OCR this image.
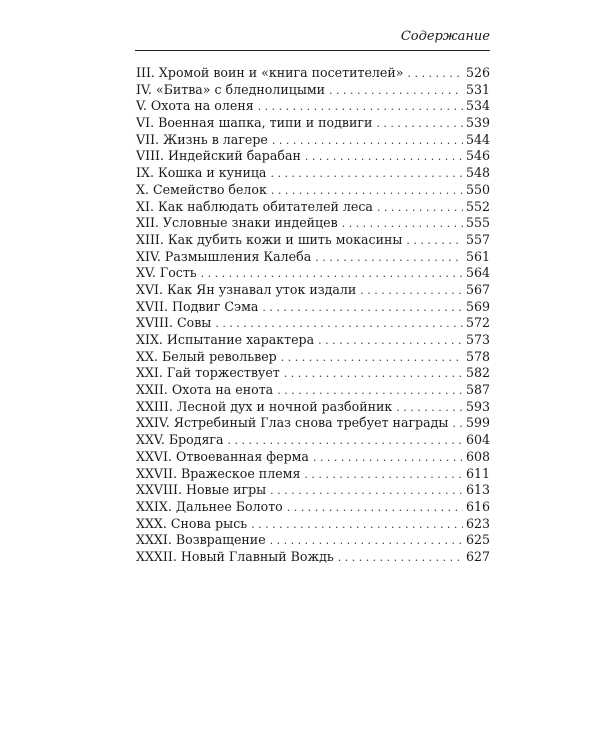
Содержание
III. Хромой воин и «книга посетителей» . . .	526
IV. «Битва» с бледнолицыми . . .	531
V. Охота на оленя . . .	534
VI. Военная шапка, типи и подвиги . . .	539
VII. Жизнь в лагере . . .	544
VIII. Индейский барабан . . .	546
IX. Кошка и куница . . .	548
X. Семейство белок . . .	550
XI. Как наблюдать обитателей леса . . .	552
XII. Условные знаки индейцев . . .	555
XIII. Как дубить кожи и шить мокасины . . .	557
XIV. Размышления Калеба . . .	561
XV. Гость . . .	564
XVI. Как Ян узнавал уток издали . . .	567
XVII. Подвиг Сэма . . .	569
XVIII. Совы . . .	572
XIX. Испытание характера . . .	573
XX. Белый револьвер . . .	578
XXI. Гай торжествует . . .	582
XXII. Охота на енота . . .	587
XXIII. Лесной дух и ночной разбойник . . .	593
XXIV. Ястребиный Глаз снова требует награды . . .	599
XXV. Бродяга . . .	604
XXVI. Отвоеванная ферма . . .	608
XXVII. Вражеское племя . . .	611
XXVIII. Новые игры . . .	613
XXIX. Дальнее Болото . . .	616
XXX. Снова рысь . . .	623
XXXI. Возвращение . . .	625
XXXII. Новый Главный Вождь . . .	627
